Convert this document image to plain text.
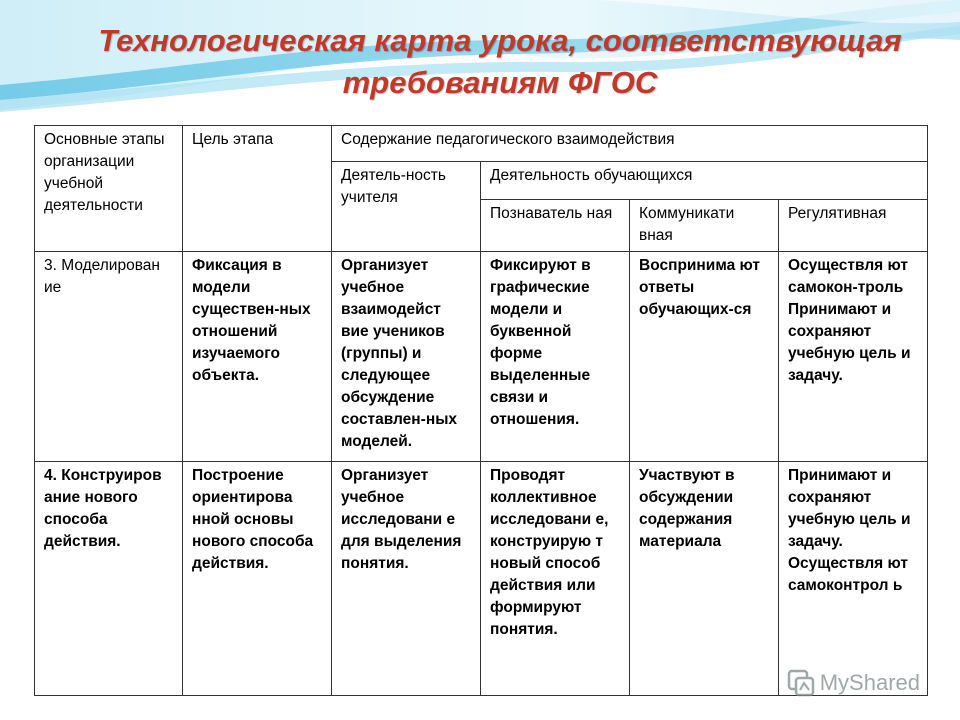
Технологическая карта урока, соответствующая
требованиям ФГОС
Основные этапы организации учебной деятельности	Цель этапа	Содержание педагогического взаимодействия			
		Деятель-ность учителя	Деятельность обучающихся		
			Познаватель ная	Коммуникати вная	Регулятивная
3. Моделирован ие	Фиксация в модели существен-ных отношений изучаемого объекта.	Организует учебное взаимодейст вие учеников (группы) и следующее обсуждение составлен-ных моделей.	Фиксируют в графические модели и буквенной форме выделенные связи и отношения.	Воспринима ют ответы обучающих-ся	Осуществля ют самокон-троль Принимают и сохраняют учебную цель и задачу.
4. Конструиров ание нового способа действия.	Построение ориентирова нной основы нового способа действия.	Организует учебное исследовани е для выделения понятия.	Проводят коллективное исследовани е, конструирую т новый способ действия или формируют понятия.	Участвуют в обсуждении содержания материала	Принимают и сохраняют учебную цель и задачу. Осуществля ют самоконтрол ь
MyShared
